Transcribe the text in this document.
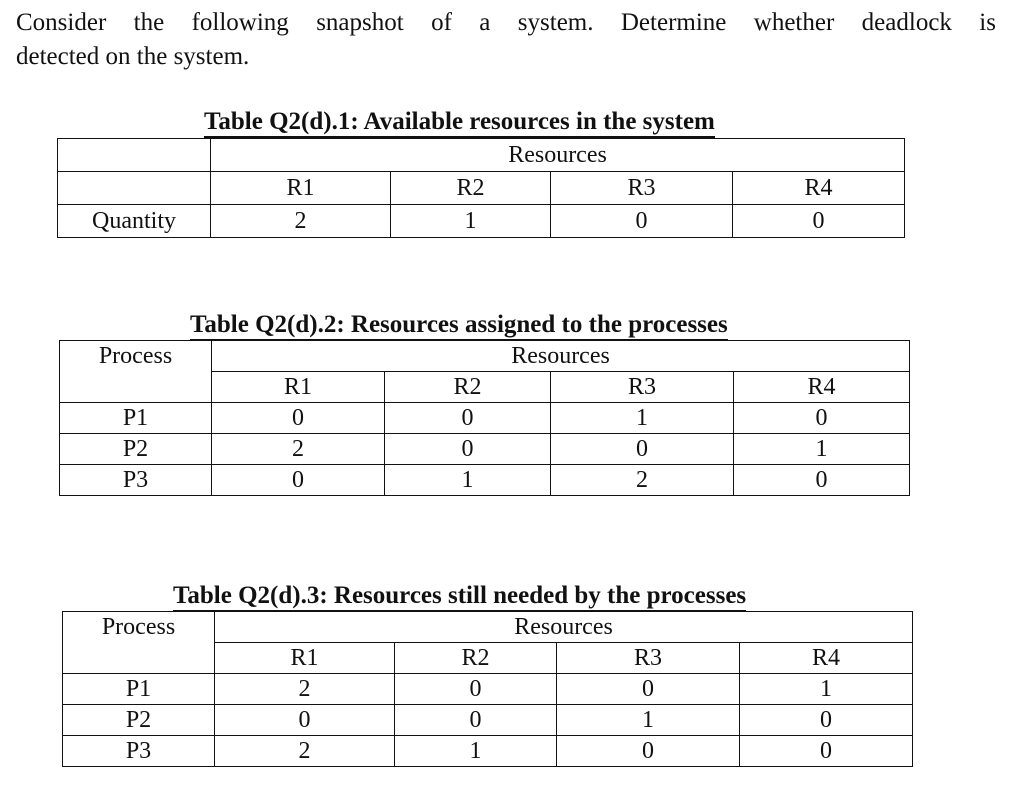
Consider the following snapshot of a system. Determine whether deadlock is

detected on the system.

Table Q2(d).1: Available resources in the system
	Resources			
	R1	R2	R3	R4
Quantity	2	1	0	0
Table Q2(d).2: Resources assigned to the processes
Process	Resources			
	R1	R2	R3	R4
P1	0	0	1	0
P2	2	0	0	1
P3	0	1	2	0
Table Q2(d).3: Resources still needed by the processes
Process	Resources			
	R1	R2	R3	R4
P1	2	0	0	1
P2	0	0	1	0
P3	2	1	0	0
